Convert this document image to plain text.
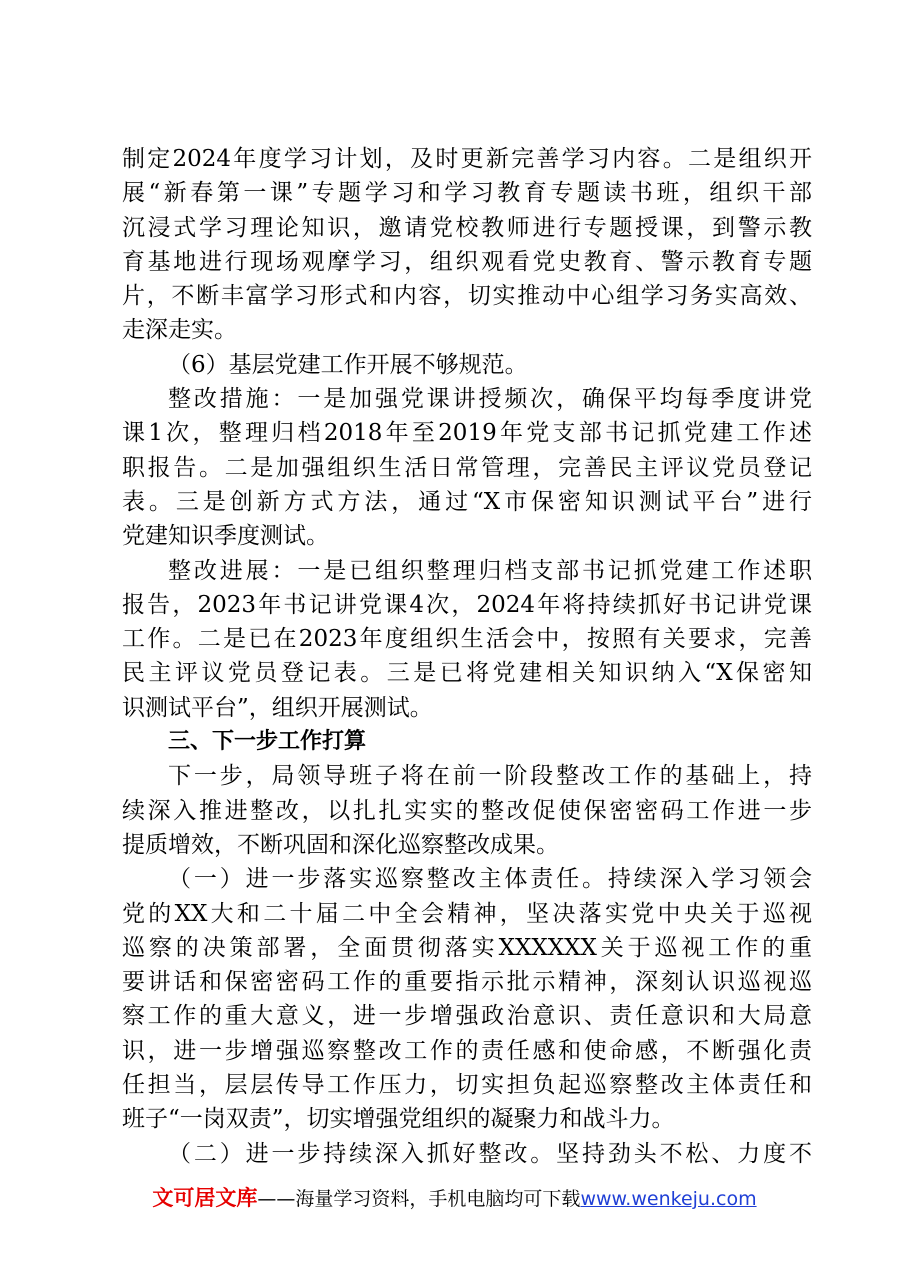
制定2024年度学习计划，及时更新完善学习内容。二是组织开
展“新春第一课”专题学习和学习教育专题读书班，组织干部
沉浸式学习理论知识，邀请党校教师进行专题授课，到警示教
育基地进行现场观摩学习，组织观看党史教育、警示教育专题
片，不断丰富学习形式和内容，切实推动中心组学习务实高效、
走深走实。
（6）基层党建工作开展不够规范。
整改措施：一是加强党课讲授频次，确保平均每季度讲党
课1次，整理归档2018年至2019年党支部书记抓党建工作述
职报告。二是加强组织生活日常管理，完善民主评议党员登记
表。三是创新方式方法，通过“X市保密知识测试平台”进行
党建知识季度测试。
整改进展：一是已组织整理归档支部书记抓党建工作述职
报告，2023年书记讲党课4次，2024年将持续抓好书记讲党课
工作。二是已在2023年度组织生活会中，按照有关要求，完善
民主评议党员登记表。三是已将党建相关知识纳入“X保密知
识测试平台”，组织开展测试。
三、下一步工作打算
下一步，局领导班子将在前一阶段整改工作的基础上，持
续深入推进整改，以扎扎实实的整改促使保密密码工作进一步
提质增效，不断巩固和深化巡察整改成果。
（一）进一步落实巡察整改主体责任。持续深入学习领会
党的XX大和二十届二中全会精神，坚决落实党中央关于巡视
巡察的决策部署，全面贯彻落实XXXXXX关于巡视工作的重
要讲话和保密密码工作的重要指示批示精神，深刻认识巡视巡
察工作的重大意义，进一步增强政治意识、责任意识和大局意
识，进一步增强巡察整改工作的责任感和使命感，不断强化责
任担当，层层传导工作压力，切实担负起巡察整改主体责任和
班子“一岗双责”，切实增强党组织的凝聚力和战斗力。
（二）进一步持续深入抓好整改。坚持劲头不松、力度不
文可居文库——海量学习资料，手机电脑均可下载www.wenkeju.com
